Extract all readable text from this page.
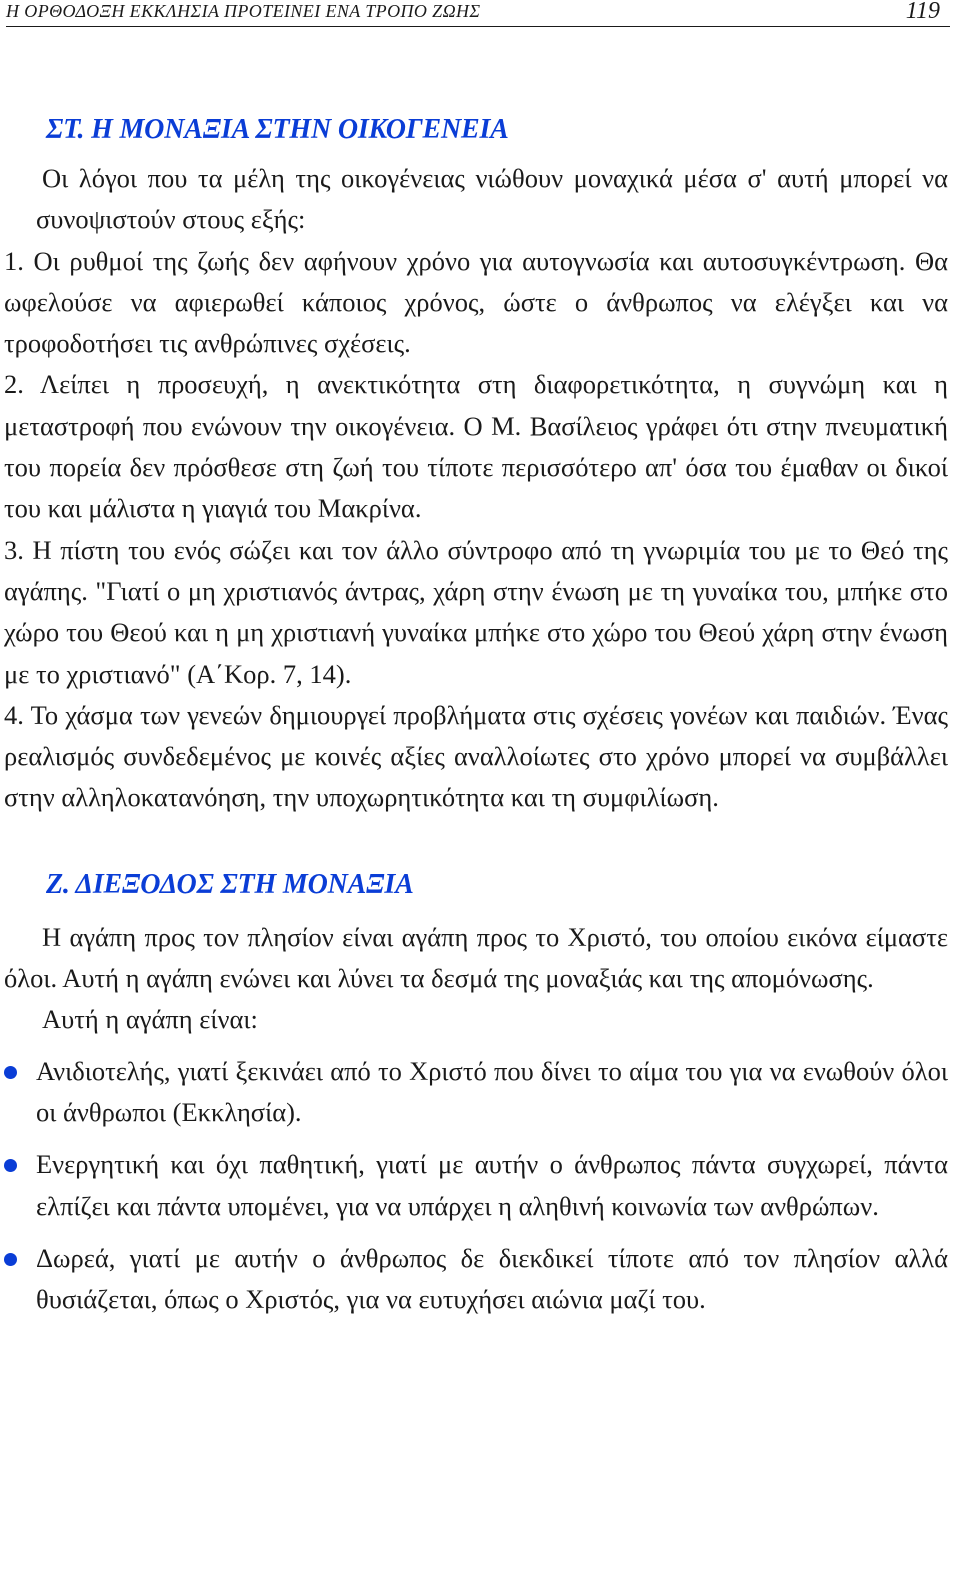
Η ΟΡΘΟΔΟΞΗ ΕΚΚΛΗΣΙΑ ΠΡΟΤΕΙΝΕΙ ΕΝΑ ΤΡΟΠΟ ΖΩΗΣ	119
ΣΤ. Η ΜΟΝΑΞΙΑ ΣΤΗΝ ΟΙΚΟΓΕΝΕΙΑ

Οι λόγοι που τα μέλη της οικογένειας νιώθουν μοναχικά μέσα σ' αυτή μπορεί να συνοψιστούν στους εξής:

1. Οι ρυθμοί της ζωής δεν αφήνουν χρόνο για αυτογνωσία και αυτοσυγκέντρωση. Θα ωφελούσε να αφιερωθεί κάποιος χρόνος, ώστε ο άνθρωπος να ελέγξει και να τροφοδοτήσει τις ανθρώπινες σχέσεις.

2. Λείπει η προσευχή, η ανεκτικότητα στη διαφορετικότητα, η συγνώμη και η μεταστροφή που ενώνουν την οικογένεια. Ο Μ. Βασίλειος γράφει ότι στην πνευματική του πορεία δεν πρόσθεσε στη ζωή του τίποτε περισσότερο απ' όσα του έμαθαν οι δικοί του και μάλιστα η γιαγιά του Μακρίνα.

3. Η πίστη του ενός σώζει και τον άλλο σύντροφο από τη γνωριμία του με το Θεό της αγάπης. "Γιατί ο μη χριστιανός άντρας, χάρη στην ένωση με τη γυναίκα του, μπήκε στο χώρο του Θεού και η μη χριστιανή γυναίκα μπήκε στο χώρο του Θεού χάρη στην ένωση με το χριστιανό" (Α΄Κορ. 7, 14).

4. Το χάσμα των γενεών δημιουργεί προβλήματα στις σχέσεις γονέων και παιδιών. Ένας ρεαλισμός συνδεδεμένος με κοινές αξίες αναλλοίωτες στο χρόνο μπορεί να συμβάλλει στην αλληλοκατανόηση, την υποχωρητικότητα και τη συμφιλίωση.

Ζ. ΔΙΕΞΟΔΟΣ ΣΤΗ ΜΟΝΑΞΙΑ

Η αγάπη προς τον πλησίον είναι αγάπη προς το Χριστό, του οποίου εικόνα είμαστε όλοι. Αυτή η αγάπη ενώνει και λύνει τα δεσμά της μοναξιάς και της απομόνωσης.

Αυτή η αγάπη είναι:

Ανιδιοτελής, γιατί ξεκινάει από το Χριστό που δίνει το αίμα του για να ενωθούν όλοι οι άνθρωποι (Εκκλησία).
Ενεργητική και όχι παθητική, γιατί με αυτήν ο άνθρωπος πάντα συγχωρεί, πάντα ελπίζει και πάντα υπομένει, για να υπάρχει η αληθινή κοινωνία των ανθρώπων.
Δωρεά, γιατί με αυτήν ο άνθρωπος δε διεκδικεί τίποτε από τον πλησίον αλλά θυσιάζεται, όπως ο Χριστός, για να ευτυχήσει αιώνια μαζί του.
